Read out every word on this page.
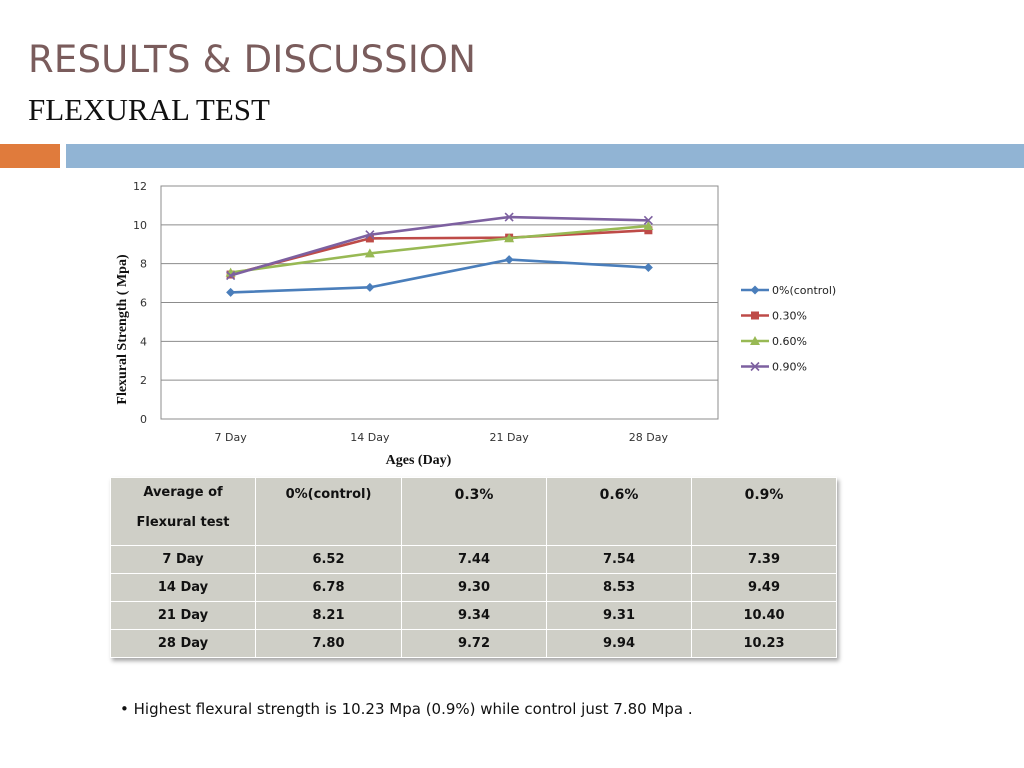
RESULTS & DISCUSSION
FLEXURAL TEST
0
2
4
6
8
10
12
7 Day	14 Day	21 Day	28 Day
Ages (Day)
Flexural Strength ( Mpa)	0%(control)
0.30%
0.60%
0.90%
Average of
Flexural test	0%(control)	0.3%	0.6%	0.9%
7 Day	6.52	7.44	7.54	7.39
14 Day	6.78	9.30	8.53	9.49
21 Day	8.21	9.34	9.31	10.40
28 Day	7.80	9.72	9.94	10.23

• Highest flexural strength is 10.23 Mpa (0.9%) while control just 7.80 Mpa .
